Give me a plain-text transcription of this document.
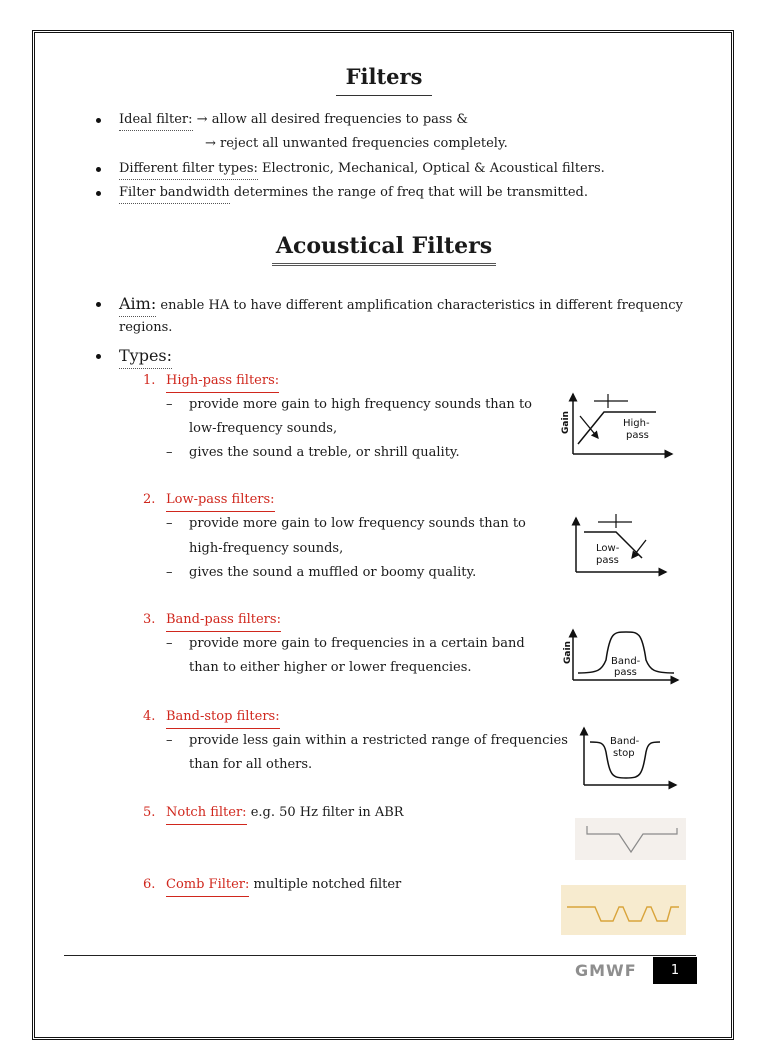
Filters
Ideal filter: → allow all desired frequencies to pass &
→ reject all unwanted frequencies completely.
Different filter types: Electronic, Mechanical, Optical & Acoustical filters.
Filter bandwidth determines the range of freq that will be transmitted.
Acoustical Filters
Aim: enable HA to have different amplification characteristics in different frequency
regions.
Types:
1. High-pass filters:
– provide more gain to high frequency sounds than to
low-frequency sounds,
– gives the sound a treble, or shrill quality.
2. Low-pass filters:
– provide more gain to low frequency sounds than to
high-frequency sounds,
– gives the sound a muffled or boomy quality.
3. Band-pass filters:
– provide more gain to frequencies in a certain band
than to either higher or lower frequencies.
4. Band-stop filters:
– provide less gain within a restricted range of frequencies
than for all others.
5. Notch filter: e.g. 50 Hz filter in ABR
6. Comb Filter: multiple notched filter
Gain	High-
pass
Low-
pass
Gain	Band-
pass
Band-
stop
GMWF	1
